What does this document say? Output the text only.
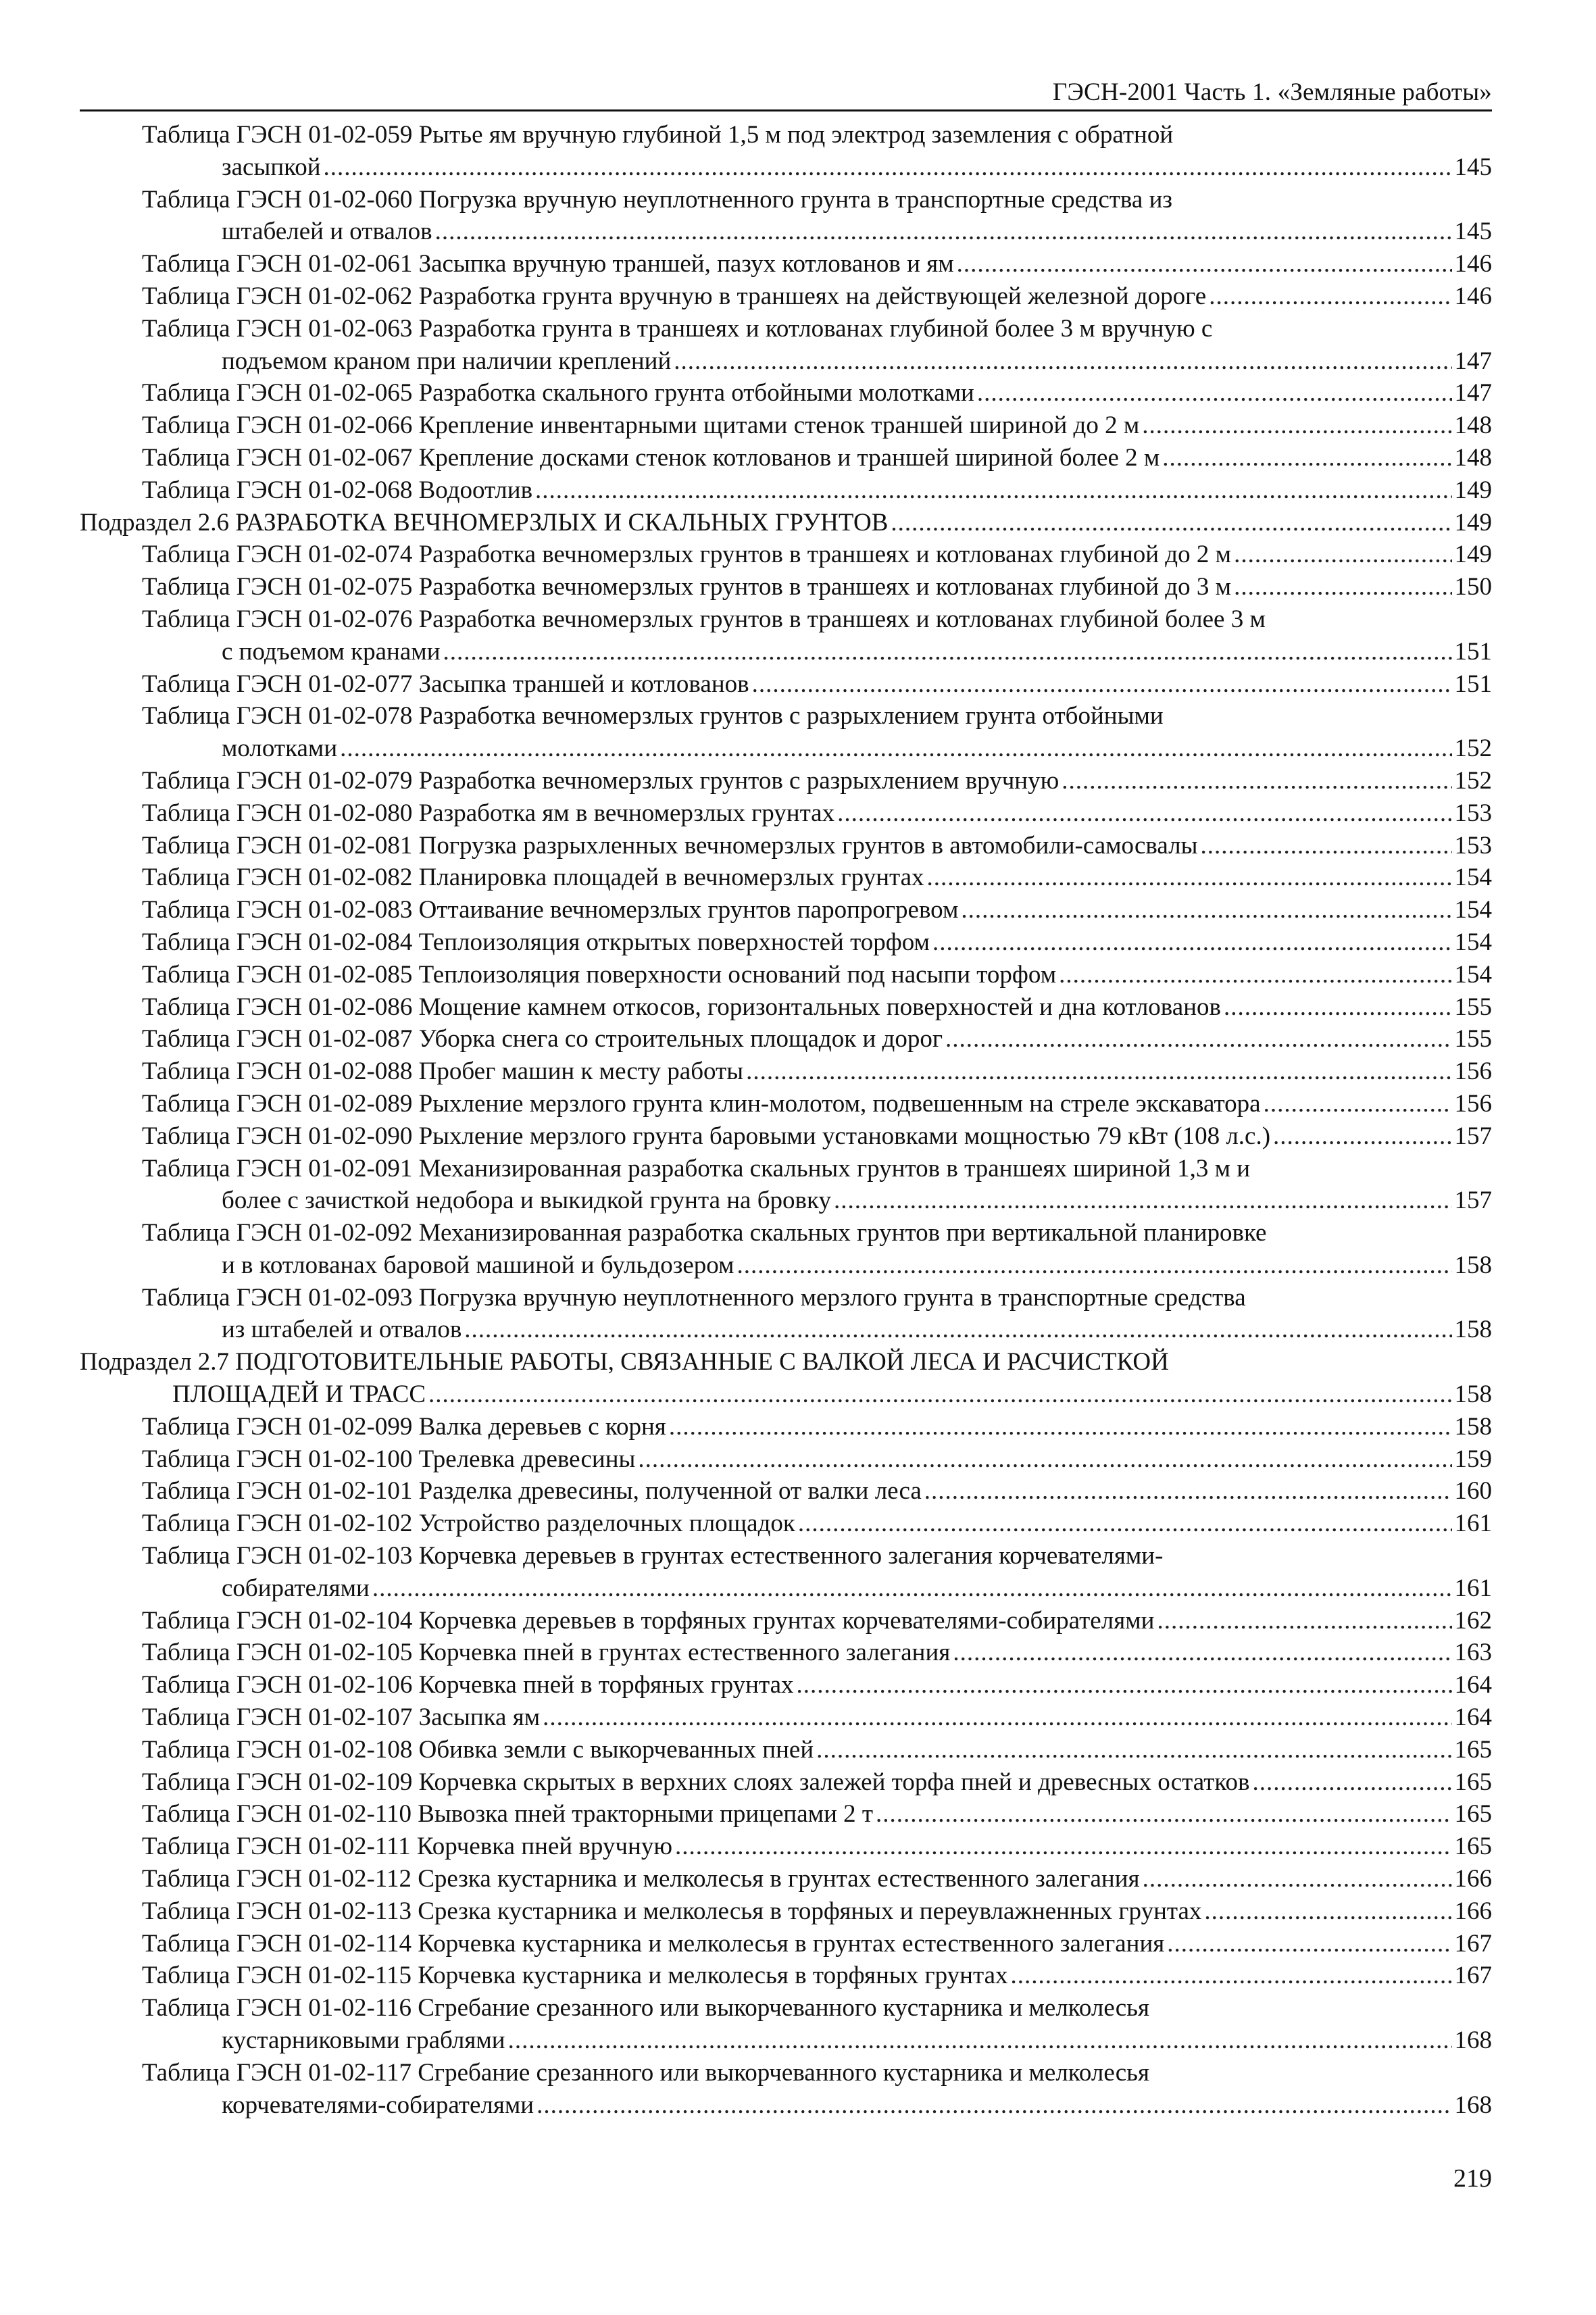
ГЭСН-2001 Часть 1. «Земляные работы»
Таблица ГЭСН 01-02-059 Рытье ям вручную глубиной 1,5 м под электрод заземления с обратной
засыпкой .....	145
Таблица ГЭСН 01-02-060 Погрузка вручную неуплотненного грунта в транспортные средства из
штабелей и отвалов .....	145
Таблица ГЭСН 01-02-061 Засыпка вручную траншей, пазух котлованов и ям .....	146
Таблица ГЭСН 01-02-062 Разработка грунта вручную в траншеях на действующей железной дороге .....	146
Таблица ГЭСН 01-02-063 Разработка грунта в траншеях и котлованах глубиной более 3 м вручную с
подъемом краном при наличии креплений .....	147
Таблица ГЭСН 01-02-065 Разработка скального грунта отбойными молотками .....	147
Таблица ГЭСН 01-02-066 Крепление инвентарными щитами стенок траншей шириной до 2 м .....	148
Таблица ГЭСН 01-02-067 Крепление досками стенок котлованов и траншей шириной более 2 м .....	148
Таблица ГЭСН 01-02-068 Водоотлив .....	149
Подраздел 2.6 РАЗРАБОТКА ВЕЧНОМЕРЗЛЫХ И СКАЛЬНЫХ ГРУНТОВ .....	149
Таблица ГЭСН 01-02-074 Разработка вечномерзлых грунтов в траншеях и котлованах глубиной до 2 м .....	149
Таблица ГЭСН 01-02-075 Разработка вечномерзлых грунтов в траншеях и котлованах глубиной до 3 м .....	150
Таблица ГЭСН 01-02-076 Разработка вечномерзлых грунтов в траншеях и котлованах глубиной более 3 м
с подъемом кранами .....	151
Таблица ГЭСН 01-02-077 Засыпка траншей и котлованов .....	151
Таблица ГЭСН 01-02-078 Разработка вечномерзлых грунтов с разрыхлением грунта отбойными
молотками .....	152
Таблица ГЭСН 01-02-079 Разработка вечномерзлых грунтов с разрыхлением вручную .....	152
Таблица ГЭСН 01-02-080 Разработка ям в вечномерзлых грунтах .....	153
Таблица ГЭСН 01-02-081 Погрузка разрыхленных вечномерзлых грунтов в автомобили-самосвалы .....	153
Таблица ГЭСН 01-02-082 Планировка площадей в вечномерзлых грунтах .....	154
Таблица ГЭСН 01-02-083 Оттаивание вечномерзлых грунтов паропрогревом .....	154
Таблица ГЭСН 01-02-084 Теплоизоляция открытых поверхностей торфом .....	154
Таблица ГЭСН 01-02-085 Теплоизоляция поверхности оснований под насыпи торфом .....	154
Таблица ГЭСН 01-02-086 Мощение камнем откосов, горизонтальных поверхностей и дна котлованов .....	155
Таблица ГЭСН 01-02-087 Уборка снега со строительных площадок и дорог .....	155
Таблица ГЭСН 01-02-088 Пробег машин к месту работы .....	156
Таблица ГЭСН 01-02-089 Рыхление мерзлого грунта клин-молотом, подвешенным на стреле экскаватора .....	156
Таблица ГЭСН 01-02-090 Рыхление мерзлого грунта баровыми установками мощностью 79 кВт (108 л.с.) .....	157
Таблица ГЭСН 01-02-091 Механизированная разработка скальных грунтов в траншеях шириной 1,3 м и
более с зачисткой недобора и выкидкой грунта на бровку .....	157
Таблица ГЭСН 01-02-092 Механизированная разработка скальных грунтов при вертикальной планировке
и в котлованах баровой машиной и бульдозером .....	158
Таблица ГЭСН 01-02-093 Погрузка вручную неуплотненного мерзлого грунта в транспортные средства
из штабелей и отвалов .....	158
Подраздел 2.7 ПОДГОТОВИТЕЛЬНЫЕ РАБОТЫ, СВЯЗАННЫЕ С ВАЛКОЙ ЛЕСА И РАСЧИСТКОЙ
ПЛОЩАДЕЙ И ТРАСС .....	158
Таблица ГЭСН 01-02-099 Валка деревьев с корня .....	158
Таблица ГЭСН 01-02-100 Трелевка древесины .....	159
Таблица ГЭСН 01-02-101 Разделка древесины, полученной от валки леса .....	160
Таблица ГЭСН 01-02-102 Устройство разделочных площадок .....	161
Таблица ГЭСН 01-02-103 Корчевка деревьев в грунтах естественного залегания корчевателями-
собирателями .....	161
Таблица ГЭСН 01-02-104 Корчевка деревьев в торфяных грунтах корчевателями-собирателями .....	162
Таблица ГЭСН 01-02-105 Корчевка пней в грунтах естественного залегания .....	163
Таблица ГЭСН 01-02-106 Корчевка пней в торфяных грунтах .....	164
Таблица ГЭСН 01-02-107 Засыпка ям .....	164
Таблица ГЭСН 01-02-108 Обивка земли с выкорчеванных пней .....	165
Таблица ГЭСН 01-02-109 Корчевка скрытых в верхних слоях залежей торфа пней и древесных остатков .....	165
Таблица ГЭСН 01-02-110 Вывозка пней тракторными прицепами 2 т .....	165
Таблица ГЭСН 01-02-111 Корчевка пней вручную .....	165
Таблица ГЭСН 01-02-112 Срезка кустарника и мелколесья в грунтах естественного залегания .....	166
Таблица ГЭСН 01-02-113 Срезка кустарника и мелколесья в торфяных и переувлажненных грунтах .....	166
Таблица ГЭСН 01-02-114 Корчевка кустарника и мелколесья в грунтах естественного залегания .....	167
Таблица ГЭСН 01-02-115 Корчевка кустарника и мелколесья в торфяных грунтах .....	167
Таблица ГЭСН 01-02-116 Сгребание срезанного или выкорчеванного кустарника и мелколесья
кустарниковыми граблями .....	168
Таблица ГЭСН 01-02-117 Сгребание срезанного или выкорчеванного кустарника и мелколесья
корчевателями-собирателями .....	168
219
